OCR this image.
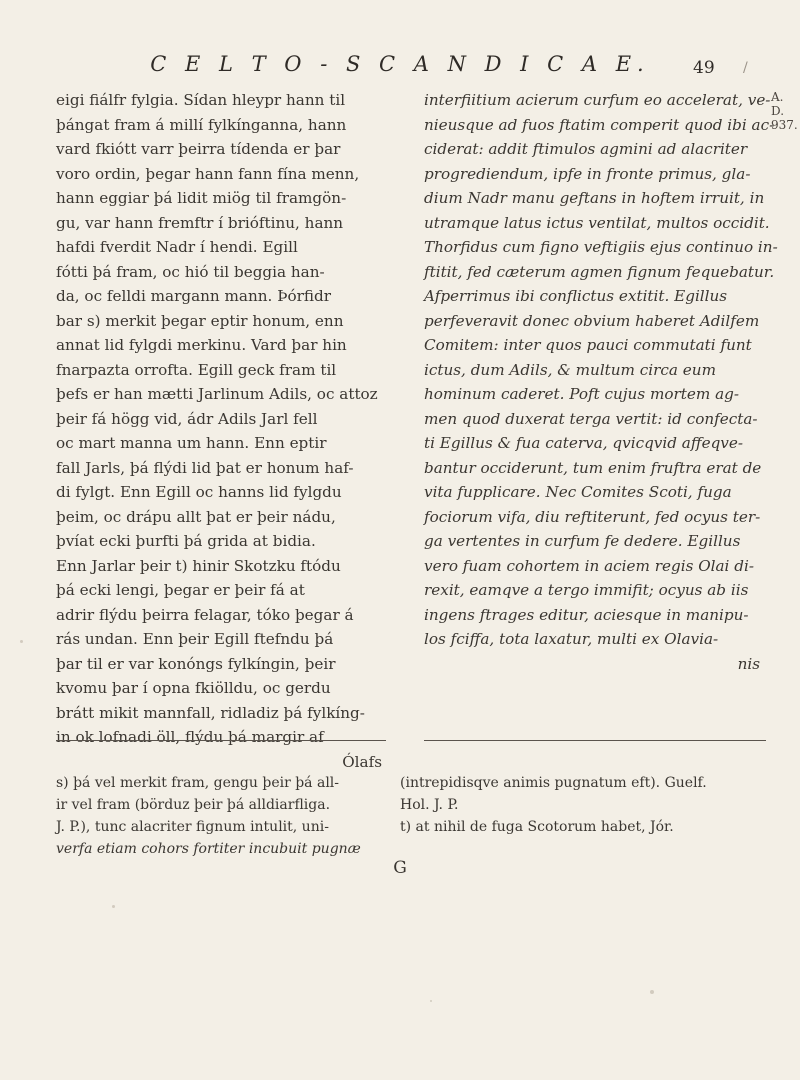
C E L T O - S C A N D I C A E.	49 /
A. D.
937.
eigi fiálfr fylgia. Sídan hleypr hann til
þángat fram á millí fylkínganna, hann
vard fkiótt varr þeirra tídenda er þar
voro ordin, þegar hann fann fína menn,
hann eggiar þá lidit miög til framgön-
gu, var hann fremftr í brióftinu, hann
hafdi fverdit Nadr í hendi. Egill
fótti þá fram, oc hió til beggia han-
da, oc felldi margann mann. Þórfidr
bar s) merkit þegar eptir honum, enn
annat lid fylgdi merkinu. Vard þar hin
fnarpazta orrofta. Egill geck fram til
þefs er han mætti Jarlinum Adils, oc attoz
þeir fá högg vid, ádr Adils Jarl fell
oc mart manna um hann. Enn eptir
fall Jarls, þá flýdi lid þat er honum haf-
di fylgt. Enn Egill oc hanns lid fylgdu
þeim, oc drápu allt þat er þeir nádu,
þvíat ecki þurfti þá grida at bidia.
Enn Jarlar þeir t) hinir Skotzku ftódu
þá ecki lengi, þegar er þeir fá at
adrir flýdu þeirra felagar, tóko þegar á
rás undan. Enn þeir Egill ftefndu þá
þar til er var konóngs fylkíngin, þeir
kvomu þar í opna fkiölldu, oc gerdu
brátt mikit mannfall, ridladiz þá fylkíng-
in ok lofnadi öll, flýdu þá margir af
Ólafs
interfiitium acierum curfum eo accelerat, ve-
nieusque ad fuos ftatim comperit quod ibi ac-
ciderat: addit ftimulos agmini ad alacriter
progrediendum, ipfe in fronte primus, gla-
dium Nadr manu geftans in hoftem irruit, in
utramque latus ictus ventilat, multos occidit.
Thorfidus cum figno veftigiis ejus continuo in-
ftitit, fed cæterum agmen fignum fequebatur.
Afperrimus ibi conflictus extitit. Egillus
perfeveravit donec obvium haberet Adilfem
Comitem: inter quos pauci commutati funt
ictus, dum Adils, & multum circa eum
hominum caderet. Poft cujus mortem ag-
men quod duxerat terga vertit: id confecta-
ti Egillus & fua caterva, qvicqvid affeqve-
bantur occiderunt, tum enim fruftra erat de
vita fupplicare. Nec Comites Scoti, fuga
fociorum vifa, diu reftiterunt, fed ocyus ter-
ga vertentes in curfum fe dedere. Egillus
vero fuam cohortem in aciem regis Olai di-
rexit, eamqve a tergo immifit; ocyus ab iis
ingens ftrages editur, aciesque in manipu-
los fciffa, tota laxatur, multi ex Olavia-
nis
s) þá vel merkit fram, gengu þeir þá all-
ir vel fram (börduz þeir þá alldiarfliga.
J. P.), tunc alacriter fignum intulit, uni-
verfa etiam cohors fortiter incubuit pugnæ
(intrepidisqve animis pugnatum eft). Guelf.
Hol. J. P.
t) at nihil de fuga Scotorum habet, Jór.
G
